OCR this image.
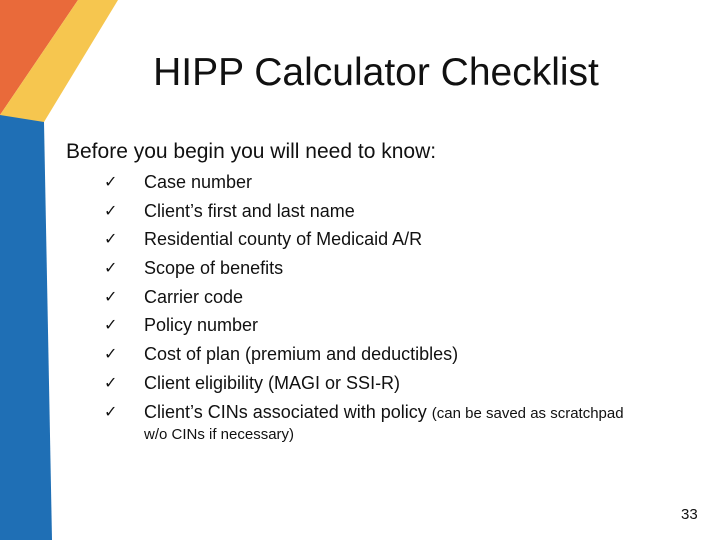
HIPP Calculator Checklist
Before you begin you will need to know:
✓ Case number
✓ Client’s first and last name
✓ Residential county of Medicaid A/R
✓ Scope of benefits
✓ Carrier code
✓ Policy number
✓ Cost of plan (premium and deductibles)
✓ Client eligibility (MAGI or SSI-R)
✓ Client’s CINs associated with policy (can be saved as scratchpad
w/o CINs if necessary)
33
